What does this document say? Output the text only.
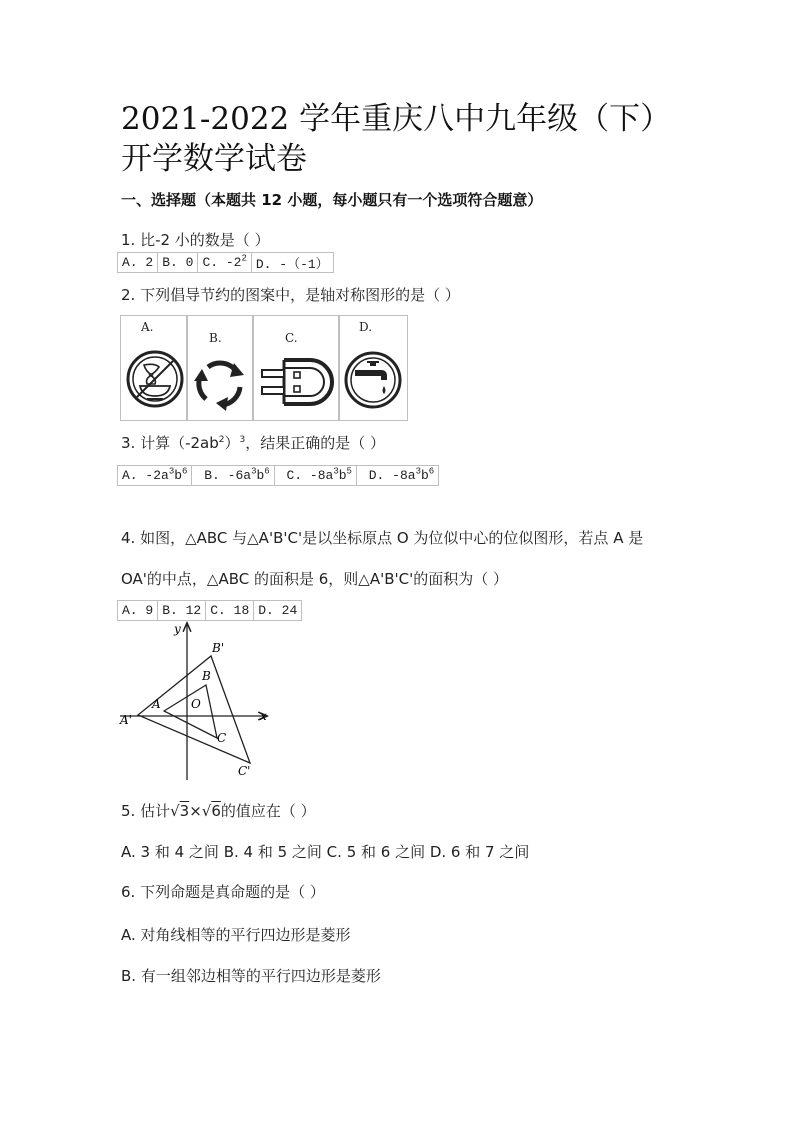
2021-2022 学年重庆八中九年级（下）
开学数学试卷
一、选择题（本题共 12 小题，每小题只有一个选项符合题意）
1. 比-2 小的数是（ ）
A. 2	B. 0	C. $-2^2$	D. -（-1）
2. 下列倡导节约的图案中，是轴对称图形的是（ ）
A.
B.	C.
D.
3. 计算$(-2ab^2)^3$，结果正确的是（ ）
A. $-2a^3b^6$	B. $-6a^3b^6$	C. $-8a^3b^5$	D. $-8a^3b^6$
4. 如图，△ABC 与△A'B'C'是以坐标原点 O 为位似中心的位似图形，若点 A 是
OA'的中点，△ABC 的面积是 6，则△A'B'C'的面积为（ ）
A. 9	B. 12	C. 18	D. 24
y
x
A	O
B
C
A'
B'
C'
5. 估计√3×√6的值应在（ ）
A. 3 和 4 之间 B. 4 和 5 之间 C. 5 和 6 之间 D. 6 和 7 之间
6. 下列命题是真命题的是（ ）
A. 对角线相等的平行四边形是菱形
B. 有一组邻边相等的平行四边形是菱形
